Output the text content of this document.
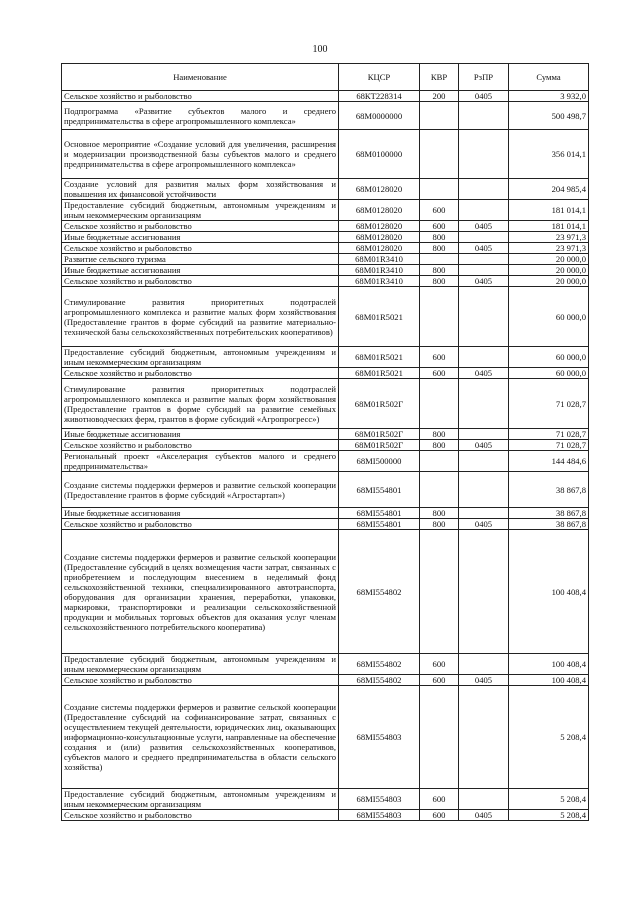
100
Наименование	КЦСР	КВР	РзПР	Сумма
Сельское хозяйство и рыболовство	68КТ228314	200	0405	3 932,0
Подпрограмма «Развитие субъектов малого и среднего предпринимательства в сфере агропромышленного комплекса»	68М0000000			500 498,7
Основное мероприятие «Создание условий для увеличения, расширения и модернизации производственной базы субъектов малого и среднего предпринимательства в сфере агропромышленного комплекса»	68М0100000			356 014,1
Создание условий для развития малых форм хозяйствования и повышения их финансовой устойчивости	68М0128020			204 985,4
Предоставление субсидий бюджетным, автономным учреждениям и иным некоммерческим организациям	68М0128020	600		181 014,1
Сельское хозяйство и рыболовство	68М0128020	600	0405	181 014,1
Иные бюджетные ассигнования	68М0128020	800		23 971,3
Сельское хозяйство и рыболовство	68М0128020	800	0405	23 971,3
Развитие сельского туризма	68М01R3410			20 000,0
Иные бюджетные ассигнования	68М01R3410	800		20 000,0
Сельское хозяйство и рыболовство	68М01R3410	800	0405	20 000,0
Стимулирование развития приоритетных подотраслей агропромышленного комплекса и развитие малых форм хозяйствования (Предоставление грантов в форме субсидий на развитие материально-технической базы сельскохозяйственных потребительских кооперативов)	68М01R5021			60 000,0
Предоставление субсидий бюджетным, автономным учреждениям и иным некоммерческим организациям	68М01R5021	600		60 000,0
Сельское хозяйство и рыболовство	68М01R5021	600	0405	60 000,0
Стимулирование развития приоритетных подотраслей агропромышленного комплекса и развитие малых форм хозяйствования (Предоставление грантов в форме субсидий на развитие семейных животноводческих ферм, грантов в форме субсидий «Агропрогресс»)	68М01R502Г			71 028,7
Иные бюджетные ассигнования	68М01R502Г	800		71 028,7
Сельское хозяйство и рыболовство	68М01R502Г	800	0405	71 028,7
Региональный проект «Акселерация субъектов малого и среднего предпринимательства»	68МI500000			144 484,6
Создание системы поддержки фермеров и развитие сельской кооперации (Предоставление грантов в форме субсидий «Агростартап»)	68МI554801			38 867,8
Иные бюджетные ассигнования	68МI554801	800		38 867,8
Сельское хозяйство и рыболовство	68МI554801	800	0405	38 867,8
Создание системы поддержки фермеров и развитие сельской кооперации (Предоставление субсидий в целях возмещения части затрат, связанных с приобретением и последующим внесением в неделимый фонд сельскохозяйственной техники, специализированного автотранспорта, оборудования для организации хранения, переработки, упаковки, маркировки, транспортировки и реализации сельскохозяйственной продукции и мобильных торговых объектов для оказания услуг членам сельскохозяйственного потребительского кооператива)	68МI554802			100 408,4
Предоставление субсидий бюджетным, автономным учреждениям и иным некоммерческим организациям	68МI554802	600		100 408,4
Сельское хозяйство и рыболовство	68МI554802	600	0405	100 408,4
Создание системы поддержки фермеров и развитие сельской кооперации (Предоставление субсидий на софинансирование затрат, связанных с осуществлением текущей деятельности, юридических лиц, оказывающих информационно-консультационные услуги, направленные на обеспечение создания и (или) развития сельскохозяйственных кооперативов, субъектов малого и среднего предпринимательства в области сельского хозяйства)	68МI554803			5 208,4
Предоставление субсидий бюджетным, автономным учреждениям и иным некоммерческим организациям	68МI554803	600		5 208,4
Сельское хозяйство и рыболовство	68МI554803	600	0405	5 208,4
